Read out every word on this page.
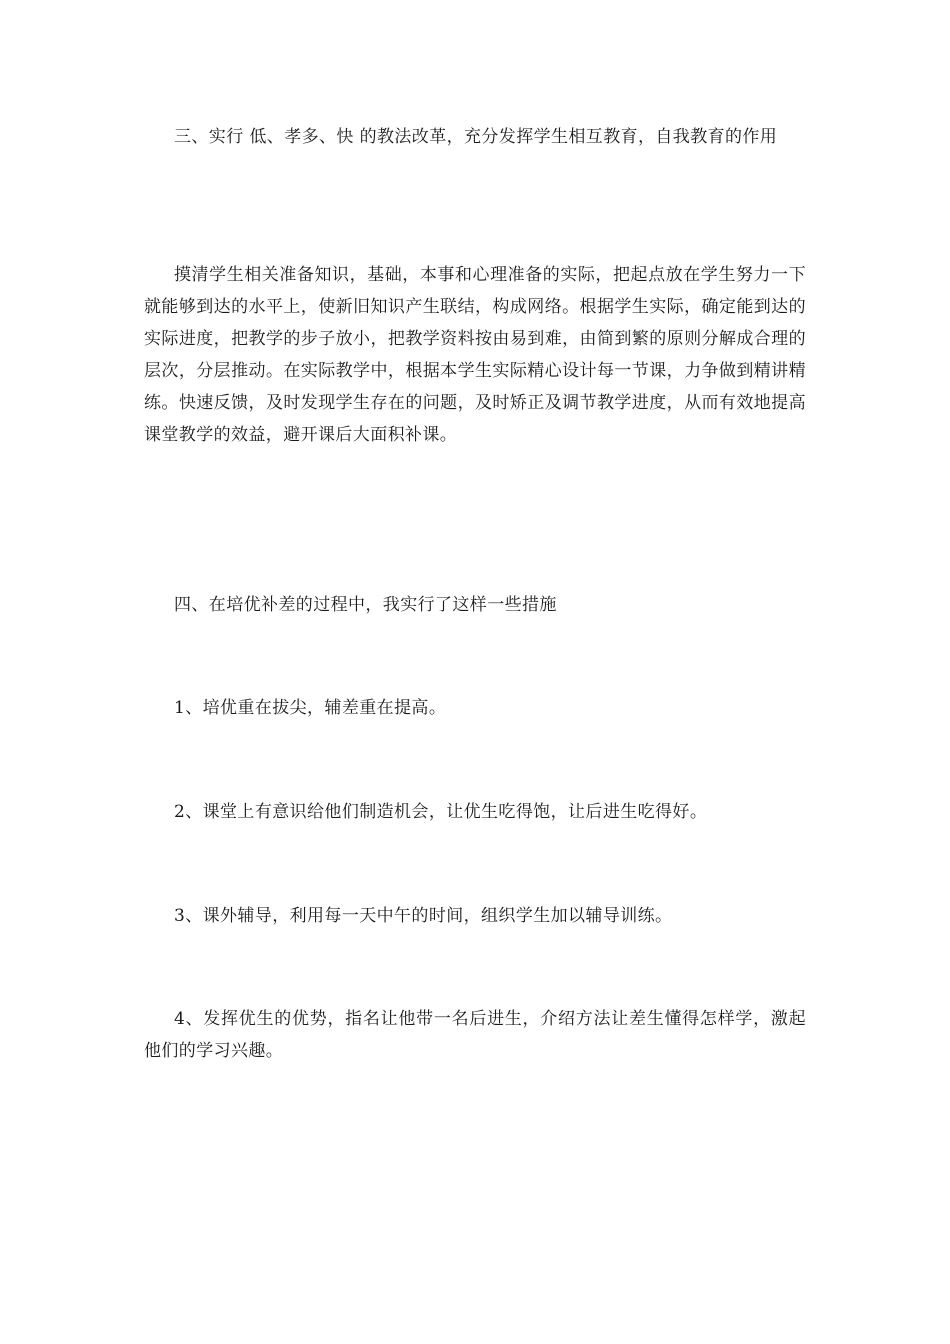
三、实行 低、孝多、快 的教法改革，充分发挥学生相互教育，自我教育的作用

摸清学生相关准备知识，基础，本事和心理准备的实际，把起点放在学生努力一下就能够到达的水平上，使新旧知识产生联结，构成网络。根据学生实际，确定能到达的实际进度，把教学的步子放小，把教学资料按由易到难，由简到繁的原则分解成合理的层次，分层推动。在实际教学中，根据本学生实际精心设计每一节课，力争做到精讲精练。快速反馈，及时发现学生存在的问题，及时矫正及调节教学进度，从而有效地提高课堂教学的效益，避开课后大面积补课。

四、在培优补差的过程中，我实行了这样一些措施

1、培优重在拔尖，辅差重在提高。

2、课堂上有意识给他们制造机会，让优生吃得饱，让后进生吃得好。

3、课外辅导，利用每一天中午的时间，组织学生加以辅导训练。

4、发挥优生的优势，指名让他带一名后进生，介绍方法让差生懂得怎样学，激起他们的学习兴趣。
